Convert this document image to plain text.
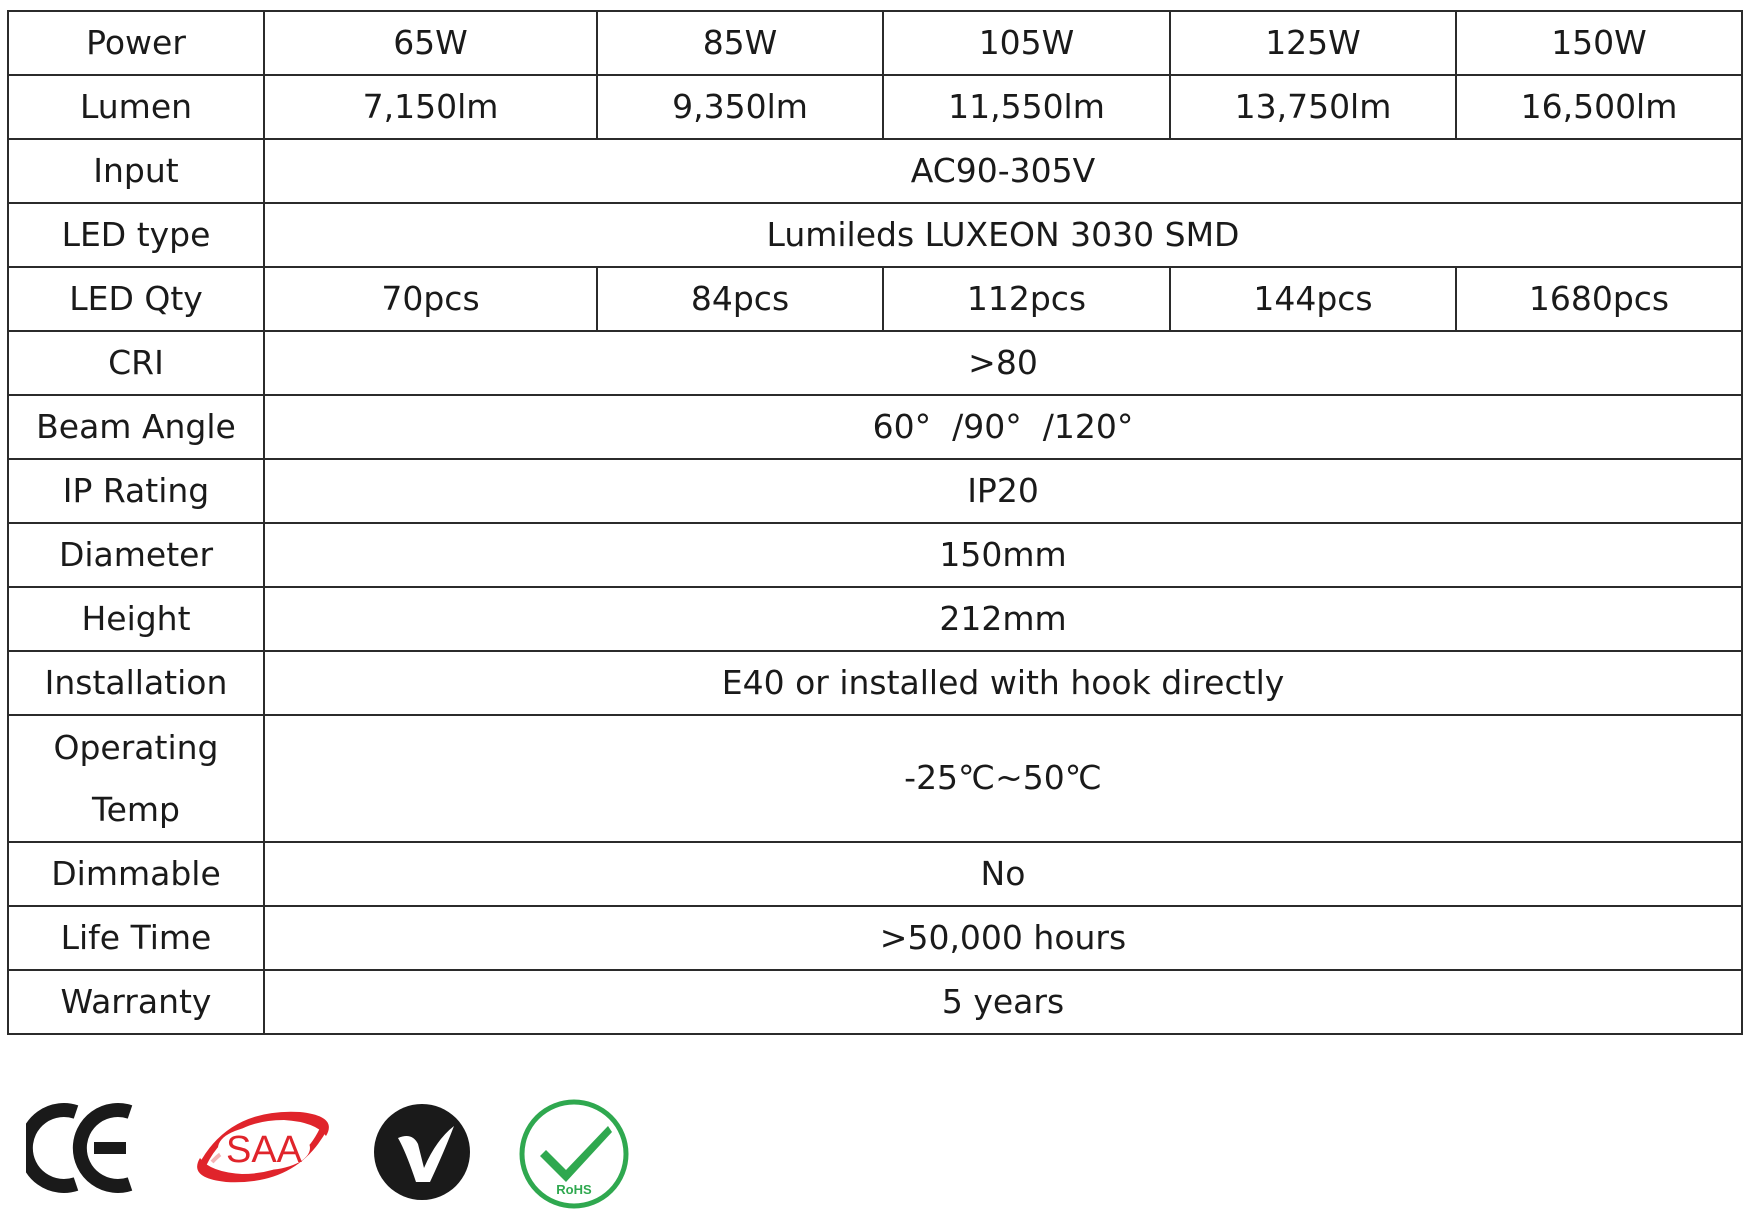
Power	65W	85W	105W	125W	150W
Lumen	7,150lm	9,350lm	11,550lm	13,750lm	16,500lm
Input	AC90-305V				
LED type	Lumileds LUXEON 3030 SMD				
LED Qty	70pcs	84pcs	112pcs	144pcs	1680pcs
CRI	>80				
Beam Angle	60°  /90°  /120°				
IP Rating	IP20				
Diameter	150mm				
Height	212mm				
Installation	E40 or installed with hook directly				

Operating
Temp	-25℃~50℃				
Dimmable	No				
Life Time	>50,000 hours				
Warranty	5 years				
SAA
RoHS
